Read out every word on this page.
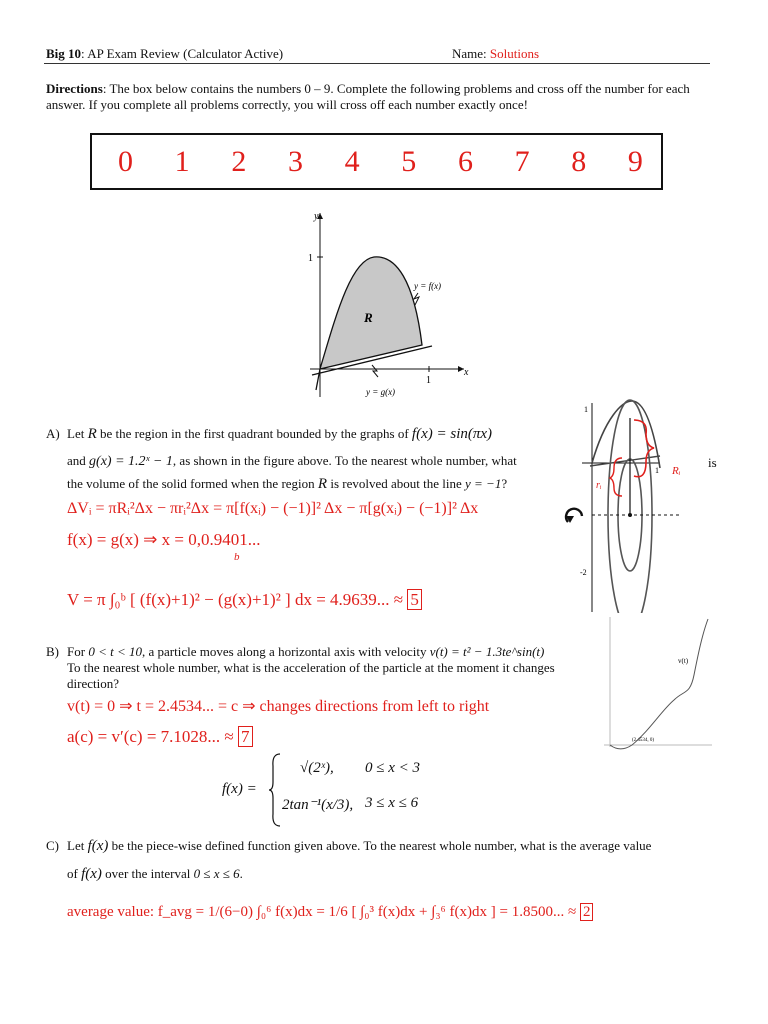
Big 10: AP Exam Review (Calculator Active)	Name: Solutions
Directions: The box below contains the numbers 0 – 9. Complete the following problems and cross off the number for each answer. If you complete all problems correctly, you will cross off each number exactly once!
0 1 2 3 4 5 6 7 8 9
y
x
1
1
R
y = f(x)
y = g(x)
1
-2
1 Rᵢ
rᵢ
A) Let R be the region in the first quadrant bounded by the graphs of f(x) = sin(πx)
and g(x) = 1.2ˣ − 1, as shown in the figure above. To the nearest whole number, what	is
the volume of the solid formed when the region R is revolved about the line y = −1?
ΔVᵢ = πRᵢ²Δx − πrᵢ²Δx = π[f(xᵢ) − (−1)]² Δx − π[g(xᵢ) − (−1)]² Δx
f(x) = g(x) ⇒ x = 0,0.9401...
b
V = π ∫₀ᵇ [ (f(x)+1)² − (g(x)+1)² ] dx = 4.9639... ≈ 5
v(t)
(2.4534, 0)
B) For 0 < t < 10, a particle moves along a horizontal axis with velocity v(t) = t² − 1.3te^sin(t)
To the nearest whole number, what is the acceleration of the particle at the moment it changes direction?
v(t) = 0 ⇒ t = 2.4534... = c ⇒ changes directions from left to right
a(c) = v′(c) = 7.1028... ≈ 7
f(x) =
√(2ˣ), 0 ≤ x < 3
2tan⁻¹(x/3), 3 ≤ x ≤ 6
C) Let f(x) be the piece-wise defined function given above. To the nearest whole number, what is the average value
of f(x) over the interval 0 ≤ x ≤ 6.
average value: f_avg = 1/(6−0) ∫₀⁶ f(x)dx = 1/6 [ ∫₀³ f(x)dx + ∫₃⁶ f(x)dx ] = 1.8500... ≈ 2
